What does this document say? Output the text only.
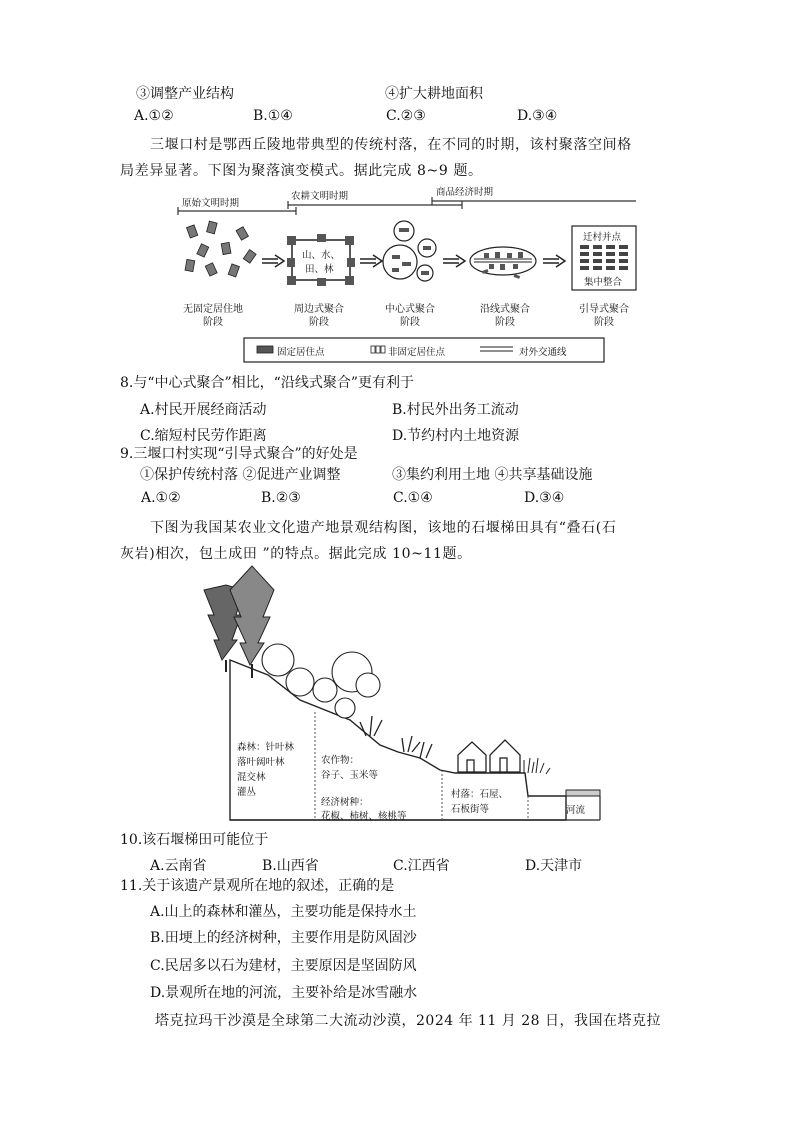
③调整产业结构	④扩大耕地面积
A.①②	B.①④	C.②③	D.③④
三堰口村是鄂西丘陵地带典型的传统村落，在不同的时期，该村聚落空间格
局差异显著。下图为聚落演变模式。据此完成 8~9 题。
原始文明时期
农耕文明时期	商品经济时期
山、水、
田、林
迁村并点
集中整合
无固定居住地
阶段
周边式聚合
阶段
中心式聚合
阶段
沿线式聚合
阶段
引导式聚合
阶段
固定居住点	非固定居住点	对外交通线
8.与“中心式聚合”相比，“沿线式聚合”更有利于
A.村民开展经商活动	B.村民外出务工流动
C.缩短村民劳作距离	D.节约村内土地资源
9.三堰口村实现“引导式聚合”的好处是
①保护传统村落 ②促进产业调整	③集约利用土地 ④共享基础设施
A.①②	B.②③	C.①④	D.③④
下图为我国某农业文化遗产地景观结构图，该地的石堰梯田具有“叠石(石
灰岩)相次，包土成田 ”的特点。据此完成 10~11题。
森林：针叶林
落叶阔叶林
混交林
灌丛
农作物：
谷子、玉米等
经济树种：
花椒、柿树、核桃等
村落：石屋、
石板街等	河流
10.该石堰梯田可能位于
A.云南省	B.山西省	C.江西省	D.天津市
11.关于该遗产景观所在地的叙述，正确的是
A.山上的森林和灌丛，主要功能是保持水土
B.田埂上的经济树种，主要作用是防风固沙
C.民居多以石为建材，主要原因是坚固防风
D.景观所在地的河流，主要补给是冰雪融水
塔克拉玛干沙漠是全球第二大流动沙漠，2024 年 11 月 28 日，我国在塔克拉
